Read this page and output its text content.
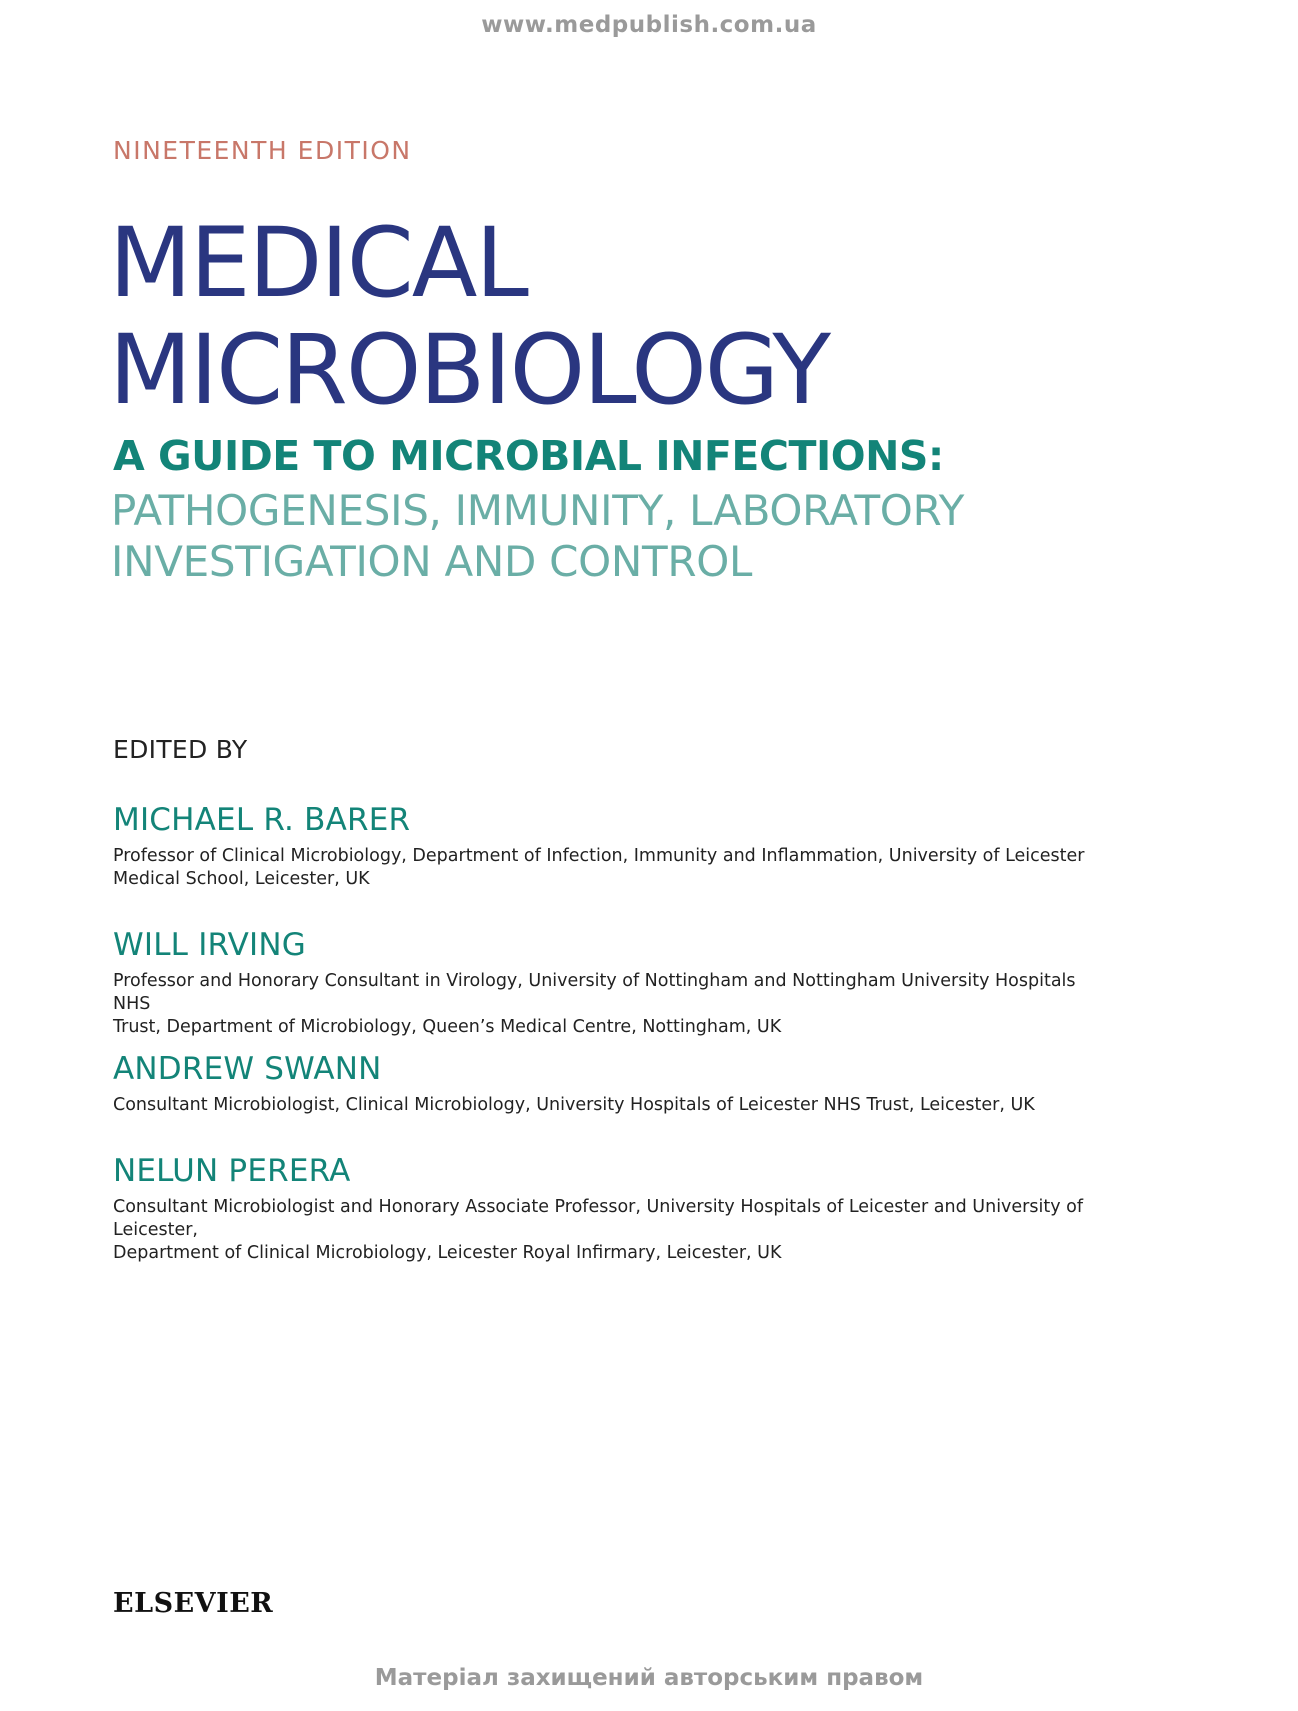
www.medpublish.com.ua
NINETEENTH EDITION
MEDICAL
MICROBIOLOGY
A GUIDE TO MICROBIAL INFECTIONS:
PATHOGENESIS, IMMUNITY, LABORATORY
INVESTIGATION AND CONTROL
EDITED BY

MICHAEL R. BARER

Professor of Clinical Microbiology, Department of Infection, Immunity and Inflammation, University of Leicester
Medical School, Leicester, UK

WILL IRVING

Professor and Honorary Consultant in Virology, University of Nottingham and Nottingham University Hospitals NHS
Trust, Department of Microbiology, Queen’s Medical Centre, Nottingham, UK

ANDREW SWANN

Consultant Microbiologist, Clinical Microbiology, University Hospitals of Leicester NHS Trust, Leicester, UK

NELUN PERERA

Consultant Microbiologist and Honorary Associate Professor, University Hospitals of Leicester and University of Leicester,
Department of Clinical Microbiology, Leicester Royal Infirmary, Leicester, UK

ELSEVIER
Матеріал захищений авторським правом
